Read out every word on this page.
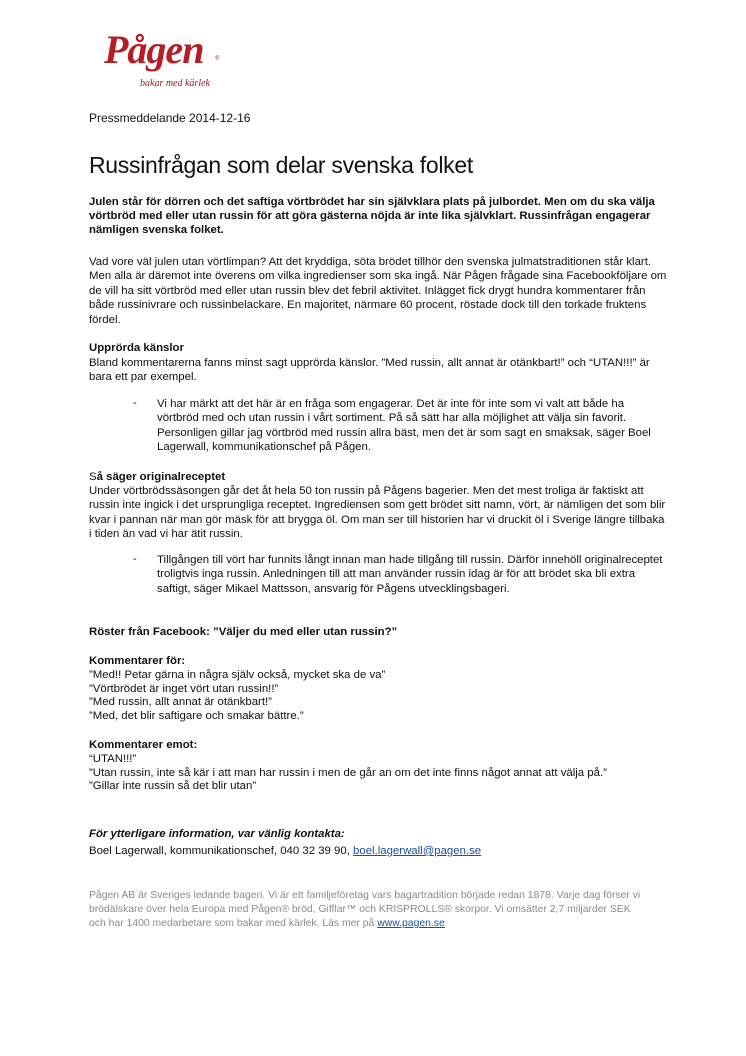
Pågen ®
bakar med kärlek
Pressmeddelande 2014-12-16
Russinfrågan som delar svenska folket

Julen står för dörren och det saftiga vörtbrödet har sin självklara plats på julbordet. Men om du ska välja vörtbröd med eller utan russin för att göra gästerna nöjda är inte lika självklart. Russinfrågan engagerar nämligen svenska folket.

Vad vore väl julen utan vörtlimpan? Att det kryddiga, söta brödet tillhör den svenska julmatstraditionen står klart. Men alla är däremot inte överens om vilka ingredienser som ska ingå. När Pågen frågade sina Facebookföljare om de vill ha sitt vörtbröd med eller utan russin blev det febril aktivitet. Inlägget fick drygt hundra kommentarer från både russinivrare och russinbelackare. En majoritet, närmare 60 procent, röstade dock till den torkade fruktens fördel.

Upprörda känslor

Bland kommentarerna fanns minst sagt upprörda känslor. ”Med russin, allt annat är otänkbart!” och “UTAN!!!” är bara ett par exempel.

- Vi har märkt att det här är en fråga som engagerar. Det är inte för inte som vi valt att både ha vörtbröd med och utan russin i vårt sortiment. På så sätt har alla möjlighet att välja sin favorit. Personligen gillar jag vörtbröd med russin allra bäst, men det är som sagt en smaksak, säger Boel Lagerwall, kommunikationschef på Pågen.

Så säger originalreceptet

Under vörtbrödssäsongen går det åt hela 50 ton russin på Pågens bagerier. Men det mest troliga är faktiskt att russin inte ingick i det ursprungliga receptet. Ingrediensen som gett brödet sitt namn, vört, är nämligen det som blir kvar i pannan när man gör mäsk för att brygga öl. Om man ser till historien har vi druckit öl i Sverige längre tillbaka i tiden än vad vi har ätit russin.

- Tillgången till vört har funnits långt innan man hade tillgång till russin. Därför innehöll originalreceptet troligtvis inga russin. Anledningen till att man använder russin idag är för att brödet ska bli extra saftigt, säger Mikael Mattsson, ansvarig för Pågens utvecklingsbageri.

Röster från Facebook: ”Väljer du med eller utan russin?”
Kommentarer för:
”Med!! Petar gärna in några själv också, mycket ska de va”
”Vörtbrödet är inget vört utan russin!!”
”Med russin, allt annat är otänkbart!”
”Med, det blir saftigare och smakar bättre.”
Kommentarer emot:
“UTAN!!!”
”Utan russin, inte så kär i att man har russin i men de går an om det inte finns något annat att välja på.”
”Gillar inte russin så det blir utan”
För ytterligare information, var vänlig kontakta:
Boel Lagerwall, kommunikationschef, 040 32 39 90, boel.lagerwall@pagen.se

Pågen AB är Sveriges ledande bageri. Vi är ett familjeföretag vars bagartradition började redan 1878. Varje dag förser vi brödälskare över hela Europa med Pågen® bröd, Gifflar™ och KRISPROLLS® skorpor. Vi omsätter 2,7 miljarder SEK och har 1400 medarbetare som bakar med kärlek. Läs mer på www.pagen.se
